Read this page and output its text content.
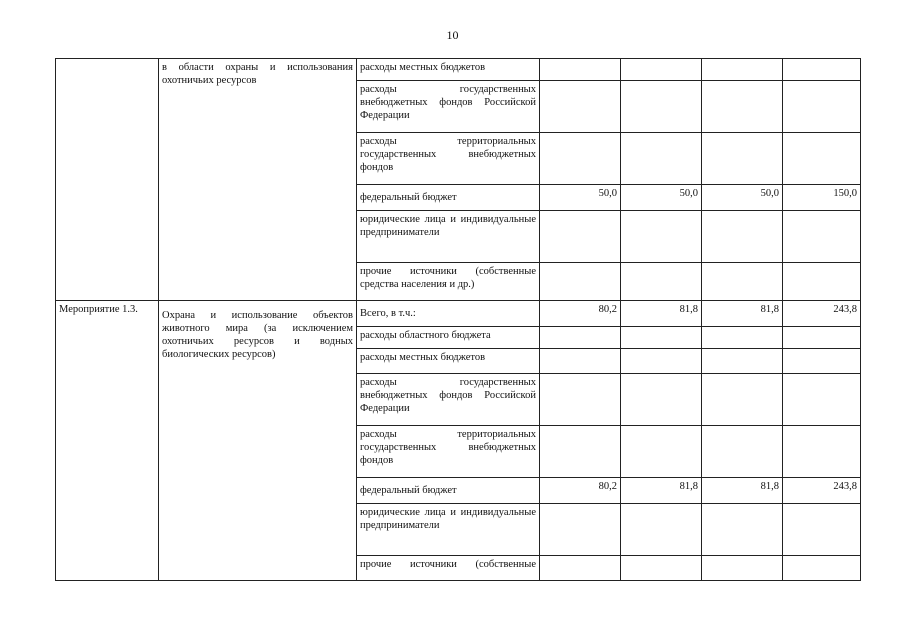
10
	в области охраны и использования охотничьих ресурсов	расходы местных бюджетов				
		расходы государственных внебюджетных фондов Российской Федерации				
		расходы территориальных государственных внебюджетных фондов				
		федеральный бюджет	50,0	50,0	50,0	150,0
		юридические лица и индивидуальные предприниматели				
		прочие источники (собственные средства населения и др.)				
Мероприятие 1.3.	Охрана и использование объектов животного мира (за исключением охотничьих ресурсов и водных биологических ресурсов)	Всего, в т.ч.:	80,2	81,8	81,8	243,8
		расходы областного бюджета				
		расходы местных бюджетов				
		расходы государственных внебюджетных фондов Российской Федерации				
		расходы территориальных государственных внебюджетных фондов				
		федеральный бюджет	80,2	81,8	81,8	243,8
		юридические лица и индивидуальные предприниматели				
		прочие источники (собственные				
